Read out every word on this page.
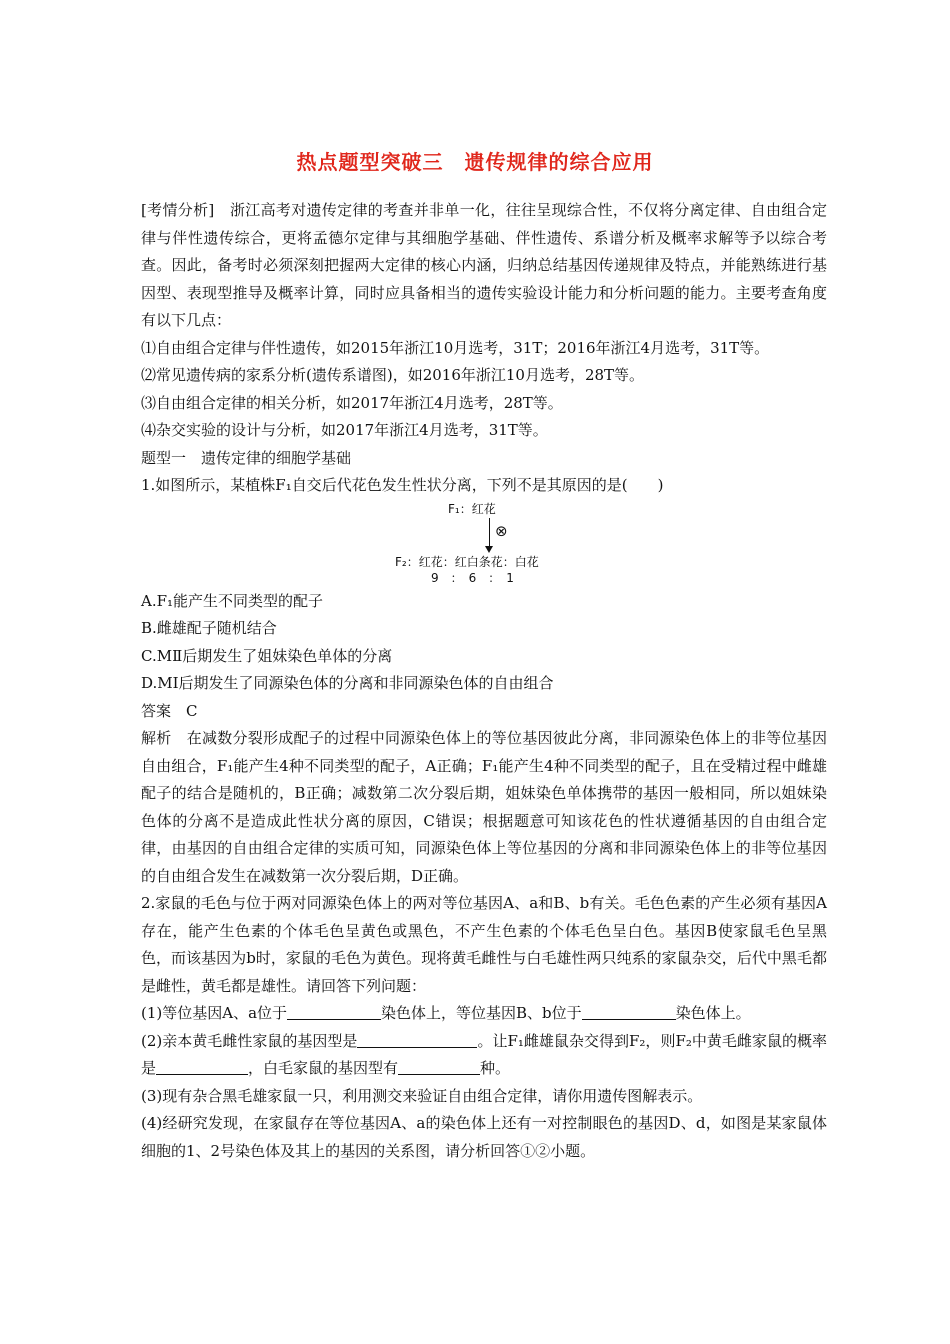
热点题型突破三　遗传规律的综合应用

[考情分析]　 浙江高考对遗传定律的考查并非单一化，往往呈现综合性，不仅将分离定律、自由组合定律与伴性遗传综合，更将孟德尔定律与其细胞学基础、伴性遗传、系谱分析及概率求解等予以综合考查。因此，备考时必须深刻把握两大定律的核心内涵，归纳总结基因传递规律及特点，并能熟练进行基因型、表现型推导及概率计算，同时应具备相当的遗传实验设计能力和分析问题的能力。主要考查角度有以下几点：

⑴自由组合定律与伴性遗传，如2015年浙江10月选考，31T；2016年浙江4月选考，31T等。

⑵常见遗传病的家系分析(遗传系谱图)，如2016年浙江10月选考，28T等。

⑶自由组合定律的相关分析，如2017年浙江4月选考，28T等。

⑷杂交实验的设计与分析，如2017年浙江4月选考，31T等。

题型一　遗传定律的细胞学基础

1.如图所示，某植株F₁自交后代花色发生性状分离，下列不是其原因的是(　　)

F₁：红花
⊗
F₂：红花：红白条花：白花
9　：　6　：　1

A.F₁能产生不同类型的配子

B.雌雄配子随机结合

C.MⅡ后期发生了姐妹染色单体的分离

D.MⅠ后期发生了同源染色体的分离和非同源染色体的自由组合

答案　C

解析　在减数分裂形成配子的过程中同源染色体上的等位基因彼此分离，非同源染色体上的非等位基因自由组合，F₁能产生4种不同类型的配子，A正确；F₁能产生4种不同类型的配子，且在受精过程中雌雄配子的结合是随机的，B正确；减数第二次分裂后期，姐妹染色单体携带的基因一般相同，所以姐妹染色体的分离不是造成此性状分离的原因，C错误；根据题意可知该花色的性状遵循基因的自由组合定律，由基因的自由组合定律的实质可知，同源染色体上等位基因的分离和非同源染色体上的非等位基因的自由组合发生在减数第一次分裂后期，D正确。

2.家鼠的毛色与位于两对同源染色体上的两对等位基因A、a和B、b有关。毛色色素的产生必须有基因A存在，能产生色素的个体毛色呈黄色或黑色，不产生色素的个体毛色呈白色。基因B使家鼠毛色呈黑色，而该基因为b时，家鼠的毛色为黄色。现将黄毛雌性与白毛雄性两只纯系的家鼠杂交，后代中黑毛都是雌性，黄毛都是雄性。请回答下列问题：

(1)等位基因A、a位于	染色体上，等位基因B、b位于	染色体上。

(2)亲本黄毛雌性家鼠的基因型是	。让F₁雌雄鼠杂交得到F₂，则F₂中黄毛雌家鼠的概率是	，白毛家鼠的基因型有	种。

(3)现有杂合黑毛雄家鼠一只，利用测交来验证自由组合定律，请你用遗传图解表示。

(4)经研究发现，在家鼠存在等位基因A、a的染色体上还有一对控制眼色的基因D、d，如图是某家鼠体细胞的1、2号染色体及其上的基因的关系图，请分析回答①②小题。
